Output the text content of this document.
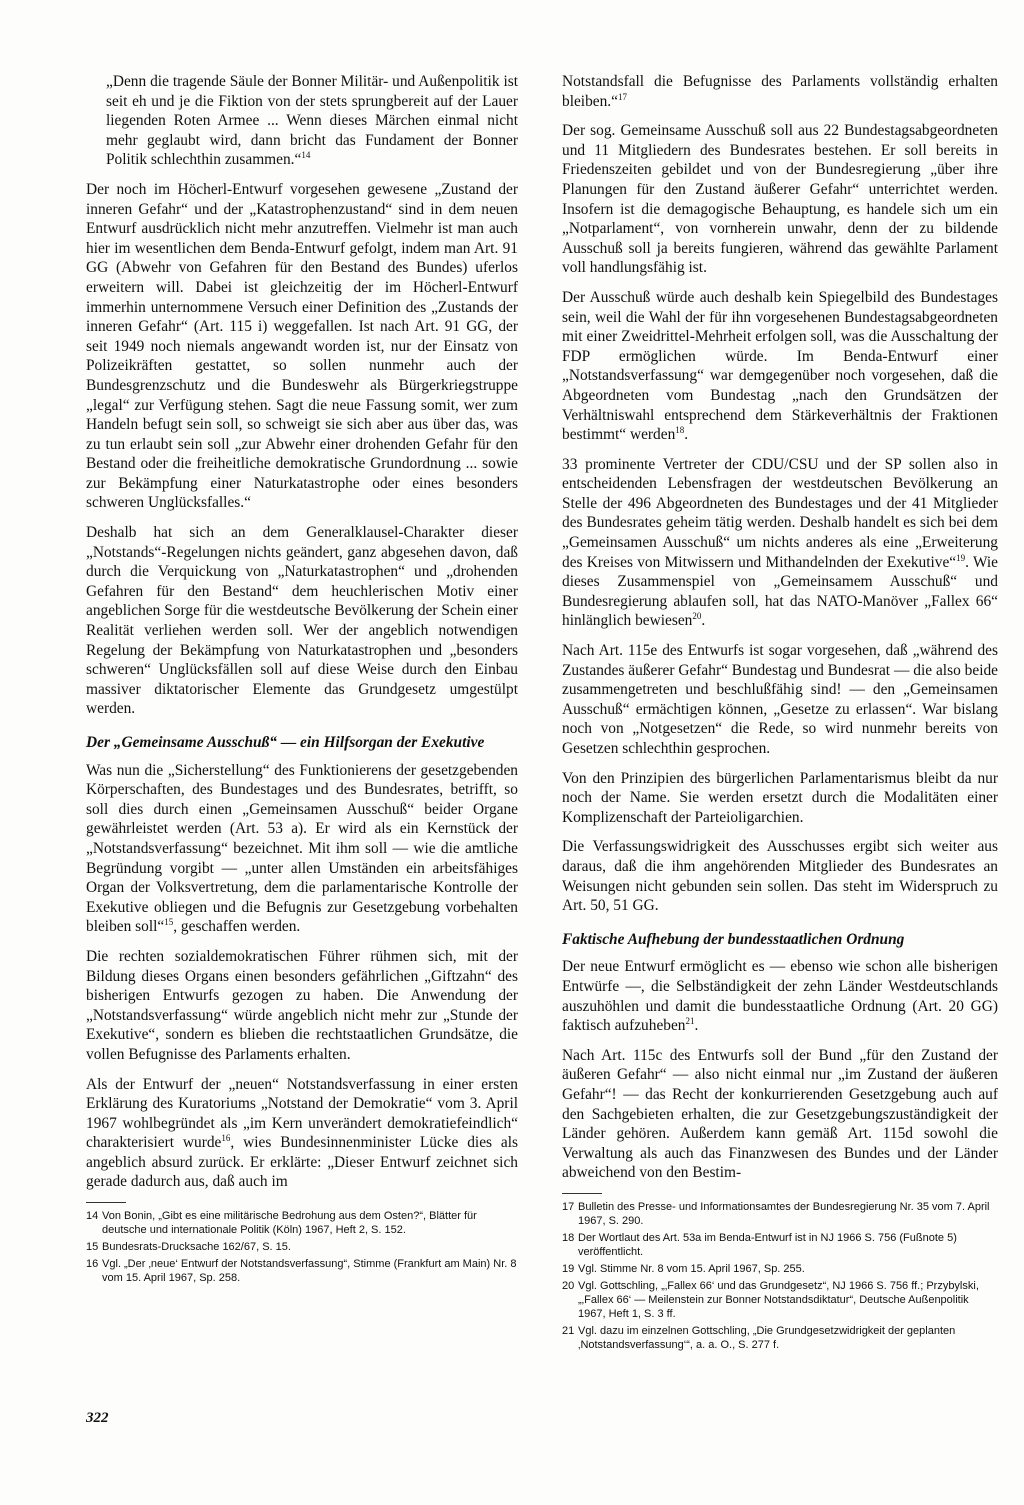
„Denn die tragende Säule der Bonner Militär- und Außenpolitik ist seit eh und je die Fiktion von der stets sprungbereit auf der Lauer liegenden Roten Armee ... Wenn dieses Märchen einmal nicht mehr geglaubt wird, dann bricht das Fundament der Bonner Politik schlechthin zusammen.“$^{14}$

Der noch im Höcherl-Entwurf vorgesehen gewesene „Zustand der inneren Gefahr“ und der „Katastrophenzustand“ sind in dem neuen Entwurf ausdrücklich nicht mehr anzutreffen. Vielmehr ist man auch hier im wesentlichen dem Benda-Entwurf gefolgt, indem man Art. 91 GG (Abwehr von Gefahren für den Bestand des Bundes) uferlos erweitern will. Dabei ist gleichzeitig der im Höcherl-Entwurf immerhin unternommene Versuch einer Definition des „Zustands der inneren Gefahr“ (Art. 115 i) weggefallen. Ist nach Art. 91 GG, der seit 1949 noch niemals angewandt worden ist, nur der Einsatz von Polizeikräften gestattet, so sollen nunmehr auch der Bundesgrenzschutz und die Bundeswehr als Bürgerkriegstruppe „legal“ zur Verfügung stehen. Sagt die neue Fassung somit, wer zum Handeln befugt sein soll, so schweigt sie sich aber aus über das, was zu tun erlaubt sein soll „zur Abwehr einer drohenden Gefahr für den Bestand oder die freiheitliche demokratische Grundordnung ... sowie zur Bekämpfung einer Naturkatastrophe oder eines besonders schweren Unglücksfalles.“

Deshalb hat sich an dem Generalklausel-Charakter dieser „Notstands“-Regelungen nichts geändert, ganz abgesehen davon, daß durch die Verquickung von „Naturkatastrophen“ und „drohenden Gefahren für den Bestand“ dem heuchlerischen Motiv einer angeblichen Sorge für die westdeutsche Bevölkerung der Schein einer Realität verliehen werden soll. Wer der angeblich notwendigen Regelung der Bekämpfung von Naturkatastrophen und „besonders schweren“ Unglücksfällen soll auf diese Weise durch den Einbau massiver diktatorischer Elemente das Grundgesetz umgestülpt werden.

Der „Gemeinsame Ausschuß“ — ein Hilfsorgan der Exekutive

Was nun die „Sicherstellung“ des Funktionierens der gesetzgebenden Körperschaften, des Bundestages und des Bundesrates, betrifft, so soll dies durch einen „Gemeinsamen Ausschuß“ beider Organe gewährleistet werden (Art. 53 a). Er wird als ein Kernstück der „Notstandsverfassung“ bezeichnet. Mit ihm soll — wie die amtliche Begründung vorgibt — „unter allen Umständen ein arbeitsfähiges Organ der Volksvertretung, dem die parlamentarische Kontrolle der Exekutive obliegen und die Befugnis zur Gesetzgebung vorbehalten bleiben soll“$^{15}$, geschaffen werden.

Die rechten sozialdemokratischen Führer rühmen sich, mit der Bildung dieses Organs einen besonders gefährlichen „Giftzahn“ des bisherigen Entwurfs gezogen zu haben. Die Anwendung der „Notstandsverfassung“ würde angeblich nicht mehr zur „Stunde der Exekutive“, sondern es blieben die rechtstaatlichen Grundsätze, die vollen Befugnisse des Parlaments erhalten.

Als der Entwurf der „neuen“ Notstandsverfassung in einer ersten Erklärung des Kuratoriums „Notstand der Demokratie“ vom 3. April 1967 wohlbegründet als „im Kern unverändert demokratiefeindlich“ charakterisiert wurde$^{16}$, wies Bundesinnenminister Lücke dies als angeblich absurd zurück. Er erklärte: „Dieser Entwurf zeichnet sich gerade dadurch aus, daß auch im

14 Von Bonin, „Gibt es eine militärische Bedrohung aus dem Osten?“, Blätter für deutsche und internationale Politik (Köln) 1967, Heft 2, S. 152.
15 Bundesrats-Drucksache 162/67, S. 15.
16 Vgl. „Der ‚neue‘ Entwurf der Notstandsverfassung“, Stimme (Frankfurt am Main) Nr. 8 vom 15. April 1967, Sp. 258.

Notstandsfall die Befugnisse des Parlaments vollständig erhalten bleiben.“$^{17}$

Der sog. Gemeinsame Ausschuß soll aus 22 Bundestagsabgeordneten und 11 Mitgliedern des Bundesrates bestehen. Er soll bereits in Friedenszeiten gebildet und von der Bundesregierung „über ihre Planungen für den Zustand äußerer Gefahr“ unterrichtet werden. Insofern ist die demagogische Behauptung, es handele sich um ein „Notparlament“, von vornherein unwahr, denn der zu bildende Ausschuß soll ja bereits fungieren, während das gewählte Parlament voll handlungsfähig ist.

Der Ausschuß würde auch deshalb kein Spiegelbild des Bundestages sein, weil die Wahl der für ihn vorgesehenen Bundestagsabgeordneten mit einer Zweidrittel-Mehrheit erfolgen soll, was die Ausschaltung der FDP ermöglichen würde. Im Benda-Entwurf einer „Notstandsverfassung“ war demgegenüber noch vorgesehen, daß die Abgeordneten vom Bundestag „nach den Grundsätzen der Verhältniswahl entsprechend dem Stärkeverhältnis der Fraktionen bestimmt“ werden$^{18}$.

33 prominente Vertreter der CDU/CSU und der SP sollen also in entscheidenden Lebensfragen der westdeutschen Bevölkerung an Stelle der 496 Abgeordneten des Bundestages und der 41 Mitglieder des Bundesrates geheim tätig werden. Deshalb handelt es sich bei dem „Gemeinsamen Ausschuß“ um nichts anderes als eine „Erweiterung des Kreises von Mitwissern und Mithandelnden der Exekutive“$^{19}$. Wie dieses Zusammenspiel von „Gemeinsamem Ausschuß“ und Bundesregierung ablaufen soll, hat das NATO-Manöver „Fallex 66“ hinlänglich bewiesen$^{20}$.

Nach Art. 115e des Entwurfs ist sogar vorgesehen, daß „während des Zustandes äußerer Gefahr“ Bundestag und Bundesrat — die also beide zusammengetreten und beschlußfähig sind! — den „Gemeinsamen Ausschuß“ ermächtigen können, „Gesetze zu erlassen“. War bislang noch von „Notgesetzen“ die Rede, so wird nunmehr bereits von Gesetzen schlechthin gesprochen.

Von den Prinzipien des bürgerlichen Parlamentarismus bleibt da nur noch der Name. Sie werden ersetzt durch die Modalitäten einer Komplizenschaft der Parteioligarchien.

Die Verfassungswidrigkeit des Ausschusses ergibt sich weiter aus daraus, daß die ihm angehörenden Mitglieder des Bundesrates an Weisungen nicht gebunden sein sollen. Das steht im Widerspruch zu Art. 50, 51 GG.

Faktische Aufhebung der bundesstaatlichen Ordnung

Der neue Entwurf ermöglicht es — ebenso wie schon alle bisherigen Entwürfe —, die Selbständigkeit der zehn Länder Westdeutschlands auszuhöhlen und damit die bundesstaatliche Ordnung (Art. 20 GG) faktisch aufzuheben$^{21}$.

Nach Art. 115c des Entwurfs soll der Bund „für den Zustand der äußeren Gefahr“ — also nicht einmal nur „im Zustand der äußeren Gefahr“! — das Recht der konkurrierenden Gesetzgebung auch auf den Sachgebieten erhalten, die zur Gesetzgebungszuständigkeit der Länder gehören. Außerdem kann gemäß Art. 115d sowohl die Verwaltung als auch das Finanzwesen des Bundes und der Länder abweichend von den Bestim-

17 Bulletin des Presse- und Informationsamtes der Bundesregierung Nr. 35 vom 7. April 1967, S. 290.
18 Der Wortlaut des Art. 53a im Benda-Entwurf ist in NJ 1966 S. 756 (Fußnote 5) veröffentlicht.
19 Vgl. Stimme Nr. 8 vom 15. April 1967, Sp. 255.
20 Vgl. Gottschling, „‚Fallex 66‘ und das Grundgesetz“, NJ 1966 S. 756 ff.; Przybylski, „‚Fallex 66‘ — Meilenstein zur Bonner Notstandsdiktatur“, Deutsche Außenpolitik 1967, Heft 1, S. 3 ff.
21 Vgl. dazu im einzelnen Gottschling, „Die Grundgesetzwidrigkeit der geplanten ‚Notstandsverfassung‘“, a. a. O., S. 277 f.
322
